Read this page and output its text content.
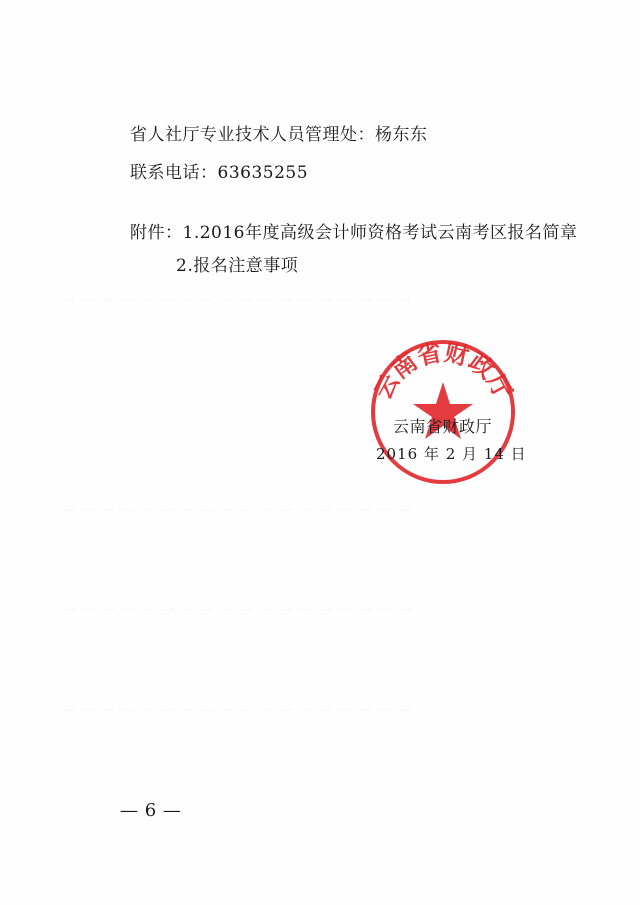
一 一 一 一 一 一 一 一 一 一 一 一 一 一 一 一 一 一
一 一 一 一 一 一 一 一 一 一 一 一 一 一 一 一 一 一
一 一 一 一 一 一 一 一 一 一 一 一 一 一 一 一 一 一
一 一 一 一 一 一 一 一 一 一 一 一 一 一 一 一 一 一
省人社厅专业技术人员管理处：杨东东
联系电话：63635255
附件：1.2016年度高级会计师资格考试云南考区报名简章
2.报名注意事项
云南省财政厅
云南省财政厅
2016 年 2 月 14 日
— 6 —
